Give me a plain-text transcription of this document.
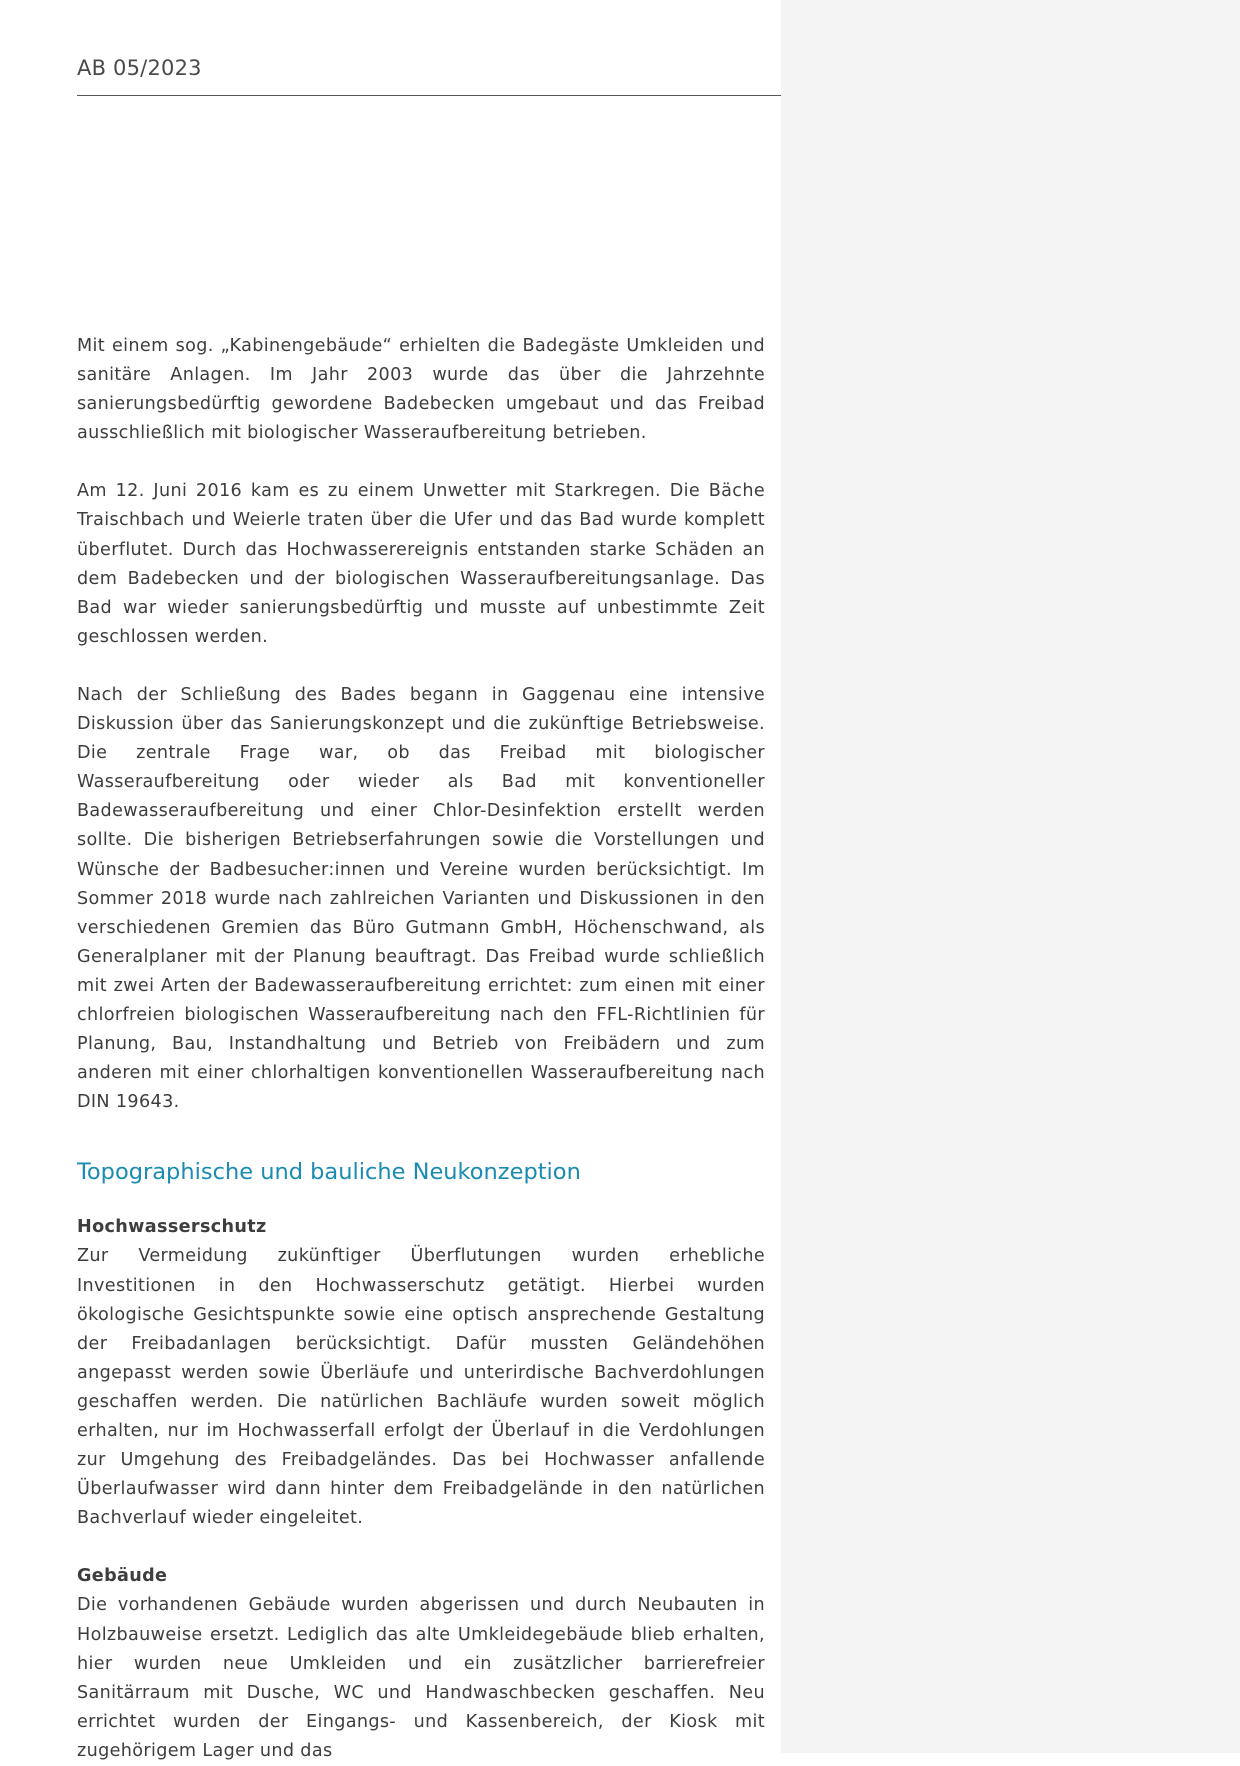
AB 05/2023

Mit einem sog. „Kabinengebäude“ erhielten die Badegäste Umkleiden und sanitäre Anlagen. Im Jahr 2003 wurde das über die Jahrzehnte sanierungsbedürftig gewordene Badebecken umgebaut und das Freibad ausschließlich mit biologischer Wasseraufbereitung betrieben.

Am 12. Juni 2016 kam es zu einem Unwetter mit Starkregen. Die Bäche Traischbach und Weierle traten über die Ufer und das Bad wurde komplett überflutet. Durch das Hochwasserereignis entstanden starke Schäden an dem Badebecken und der biologischen Wasseraufbereitungsanlage. Das Bad war wieder sanierungsbedürftig und musste auf unbestimmte Zeit geschlossen werden.

Nach der Schließung des Bades begann in Gaggenau eine intensive Diskussion über das Sanierungskonzept und die zukünftige Betriebsweise. Die zentrale Frage war, ob das Freibad mit biologischer Wasseraufbereitung oder wieder als Bad mit konventioneller Badewasseraufbereitung und einer Chlor-Desinfektion erstellt werden sollte. Die bisherigen Betriebserfahrungen sowie die Vorstellungen und Wünsche der Badbesucher:innen und Vereine wurden berücksichtigt. Im Sommer 2018 wurde nach zahlreichen Varianten und Diskussionen in den verschiedenen Gremien das Büro Gutmann GmbH, Höchenschwand, als Generalplaner mit der Planung beauftragt. Das Freibad wurde schließlich mit zwei Arten der Badewasseraufbereitung errichtet: zum einen mit einer chlorfreien biologischen Wasseraufbereitung nach den FFL-Richtlinien für Planung, Bau, Instandhaltung und Betrieb von Freibädern und zum anderen mit einer chlorhaltigen konventionellen Wasseraufbereitung nach DIN 19643.

Topographische und bauliche Neukonzeption
Hochwasserschutz

Zur Vermeidung zukünftiger Überflutungen wurden erhebliche Investitionen in den Hochwasserschutz getätigt. Hierbei wurden ökologische Gesichtspunkte sowie eine optisch ansprechende Gestaltung der Freibadanlagen berücksichtigt. Dafür mussten Geländehöhen angepasst werden sowie Überläufe und unterirdische Bachverdohlungen geschaffen werden. Die natürlichen Bachläufe wurden soweit möglich erhalten, nur im Hochwasserfall erfolgt der Überlauf in die Verdohlungen zur Umgehung des Freibadgeländes. Das bei Hochwasser anfallende Überlaufwasser wird dann hinter dem Freibadgelände in den natürlichen Bachverlauf wieder eingeleitet.

Gebäude

Die vorhandenen Gebäude wurden abgerissen und durch Neubauten in Holzbauweise ersetzt. Lediglich das alte Umkleidegebäude blieb erhalten, hier wurden neue Umkleiden und ein zusätzlicher barrierefreier Sanitärraum mit Dusche, WC und Handwaschbecken geschaffen. Neu errichtet wurden der Eingangs- und Kassenbereich, der Kiosk mit zugehörigem Lager und das
